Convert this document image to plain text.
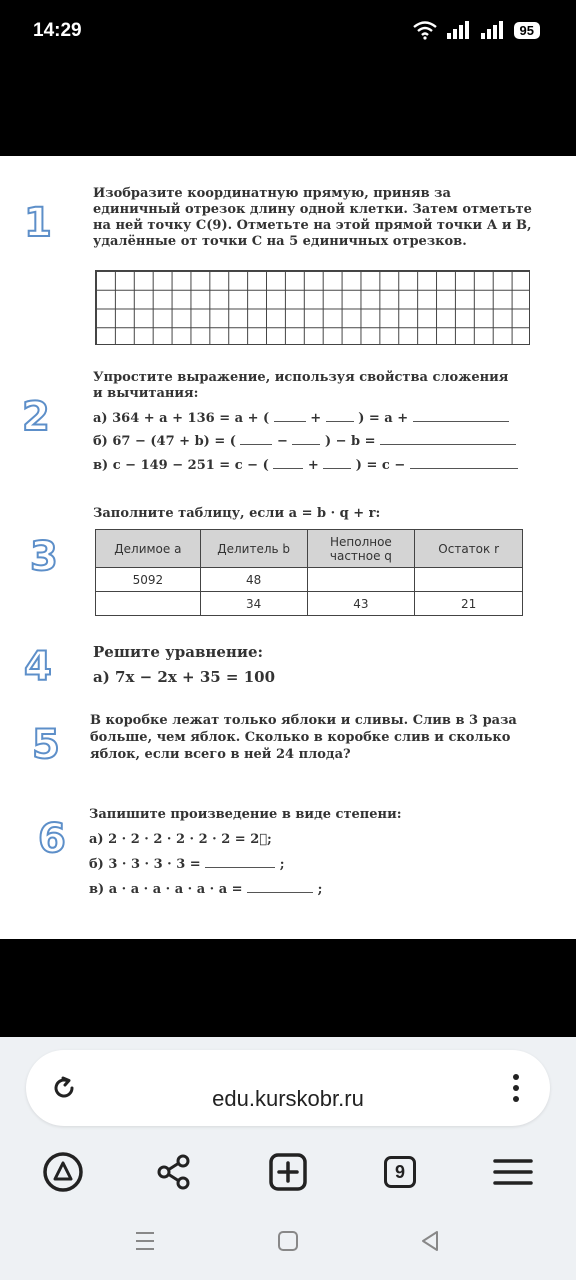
14:29	95
1
Изобразите координатную прямую, приняв за единичный отрезок длину одной клетки. Затем отметьте на ней точку С(9). Отметьте на этой прямой точки А и В, удалённые от точки С на 5 единичных отрезков.
2
Упростите выражение, используя свойства сложения и вычитания:
а) 364 + a + 136 = a + (	+	) = a +
б) 67 − (47 + b) = (	−	) − b =
в) c − 149 − 251 = c − (	+	) = c −
3
Заполните таблицу, если a = b · q + r:
Делимое a	Делитель b	Неполное частное q	Остаток r
5092	48		
	34	43	21
4	Решите уравнение:
а) 7x − 2x + 35 = 100
5
В коробке лежат только яблоки и сливы. Слив в 3 раза больше, чем яблок. Сколько в коробке слив и сколько яблок, если всего в ней 24 плода?
6
Запишите произведение в виде степени:
а) 2 · 2 · 2 · 2 · 2 · 2 = 2⃞;
б) 3 · 3 · 3 · 3 =	;
в) a · a · a · a · a · a =	;
edu.kurskobr.ru
9
